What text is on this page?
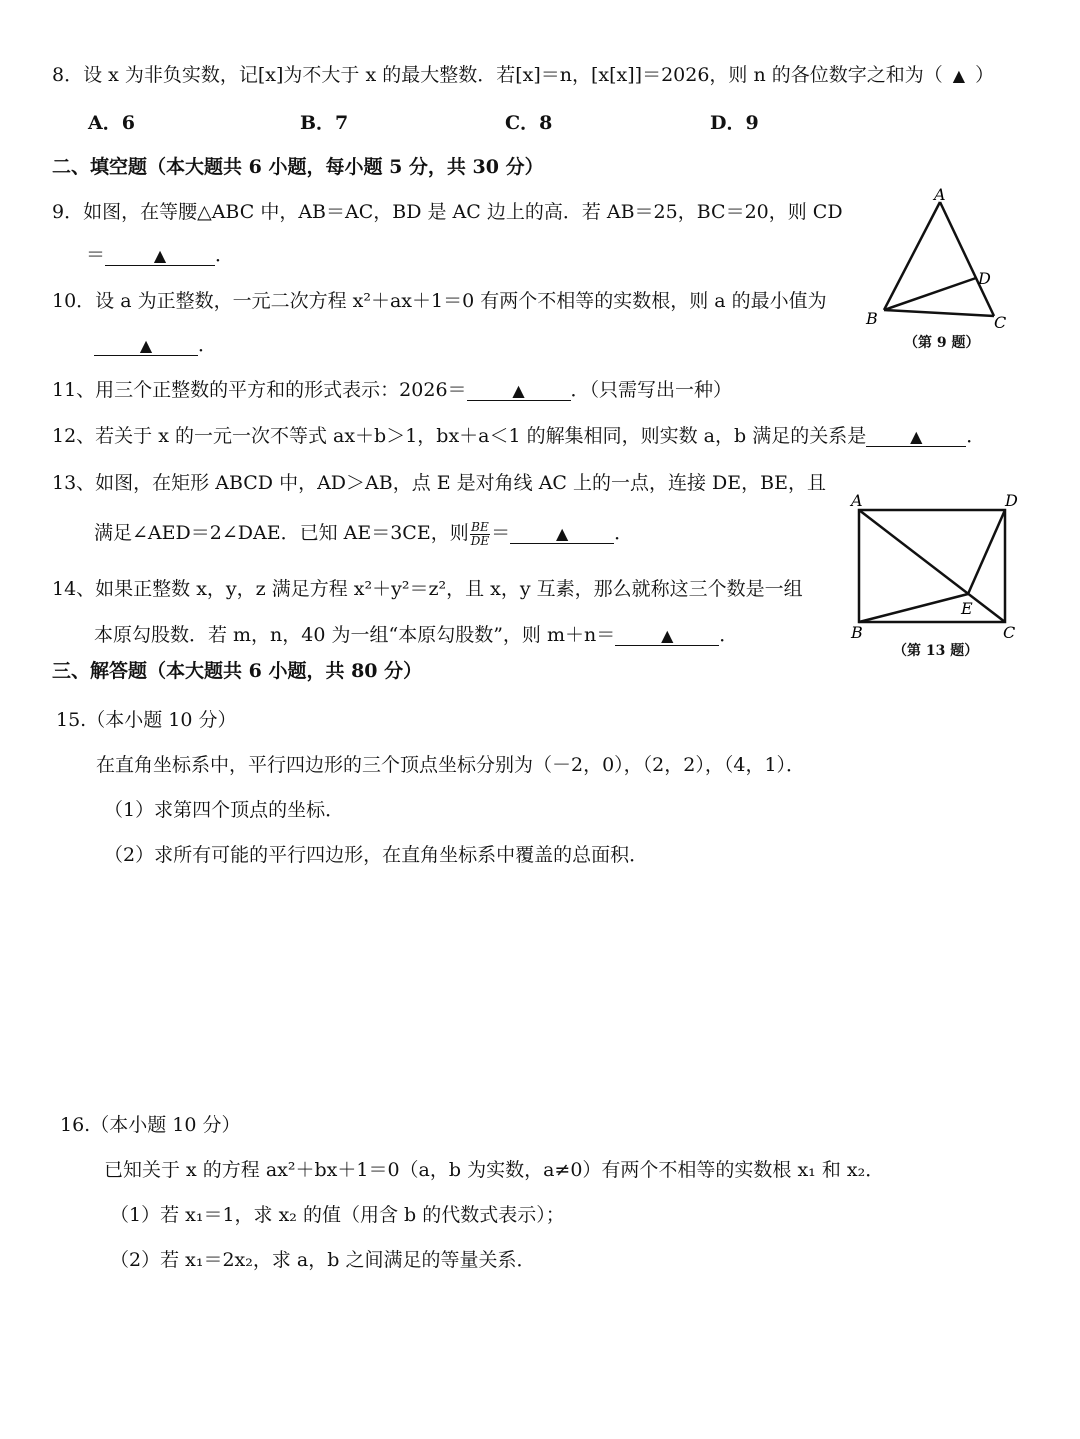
8．设 x 为非负实数，记[x]为不大于 x 的最大整数．若[x]＝n，[x[x]]＝2026，则 n 的各位数字之和为（ ▲ ）
A．6	B．7	C．8	D．9
二、填空题（本大题共 6 小题，每小题 5 分，共 30 分）
9．如图，在等腰△ABC 中，AB＝AC，BD 是 AC 边上的高．若 AB＝25，BC＝20，则 CD
＝	▲	．
A
B	C
D
（第 9 题）
10．设 a 为正整数，一元二次方程 x²＋ax＋1＝0 有两个不相等的实数根，则 a 的最小值为
▲ ．
11、用三个正整数的平方和的形式表示：2026＝	▲ ．（只需写出一种）
12、若关于 x 的一元一次不等式 ax＋b＞1，bx＋a＜1 的解集相同，则实数 a，b 满足的关系是	▲ ．
13、如图，在矩形 ABCD 中，AD＞AB，点 E 是对角线 AC 上的一点，连接 DE，BE，且
满足∠AED＝2∠DAE．已知 AE＝3CE，则 $\frac{BE}{DE}$ ＝	▲ ．
A	D
B	C
E
（第 13 题）
14、如果正整数 x，y，z 满足方程 x²＋y²＝z²，且 x，y 互素，那么就称这三个数是一组
本原勾股数．若 m，n，40 为一组“本原勾股数”，则 m＋n＝	▲ ．
三、解答题（本大题共 6 小题，共 80 分）
15.（本小题 10 分）
在直角坐标系中，平行四边形的三个顶点坐标分别为（－2，0），（2，2），（4，1）．
（1）求第四个顶点的坐标．
（2）求所有可能的平行四边形，在直角坐标系中覆盖的总面积．
16.（本小题 10 分）
已知关于 x 的方程 ax²＋bx＋1＝0（a，b 为实数，a≠0）有两个不相等的实数根 x₁ 和 x₂．
（1）若 x₁＝1，求 x₂ 的值（用含 b 的代数式表示）；
（2）若 x₁＝2x₂，求 a，b 之间满足的等量关系．
